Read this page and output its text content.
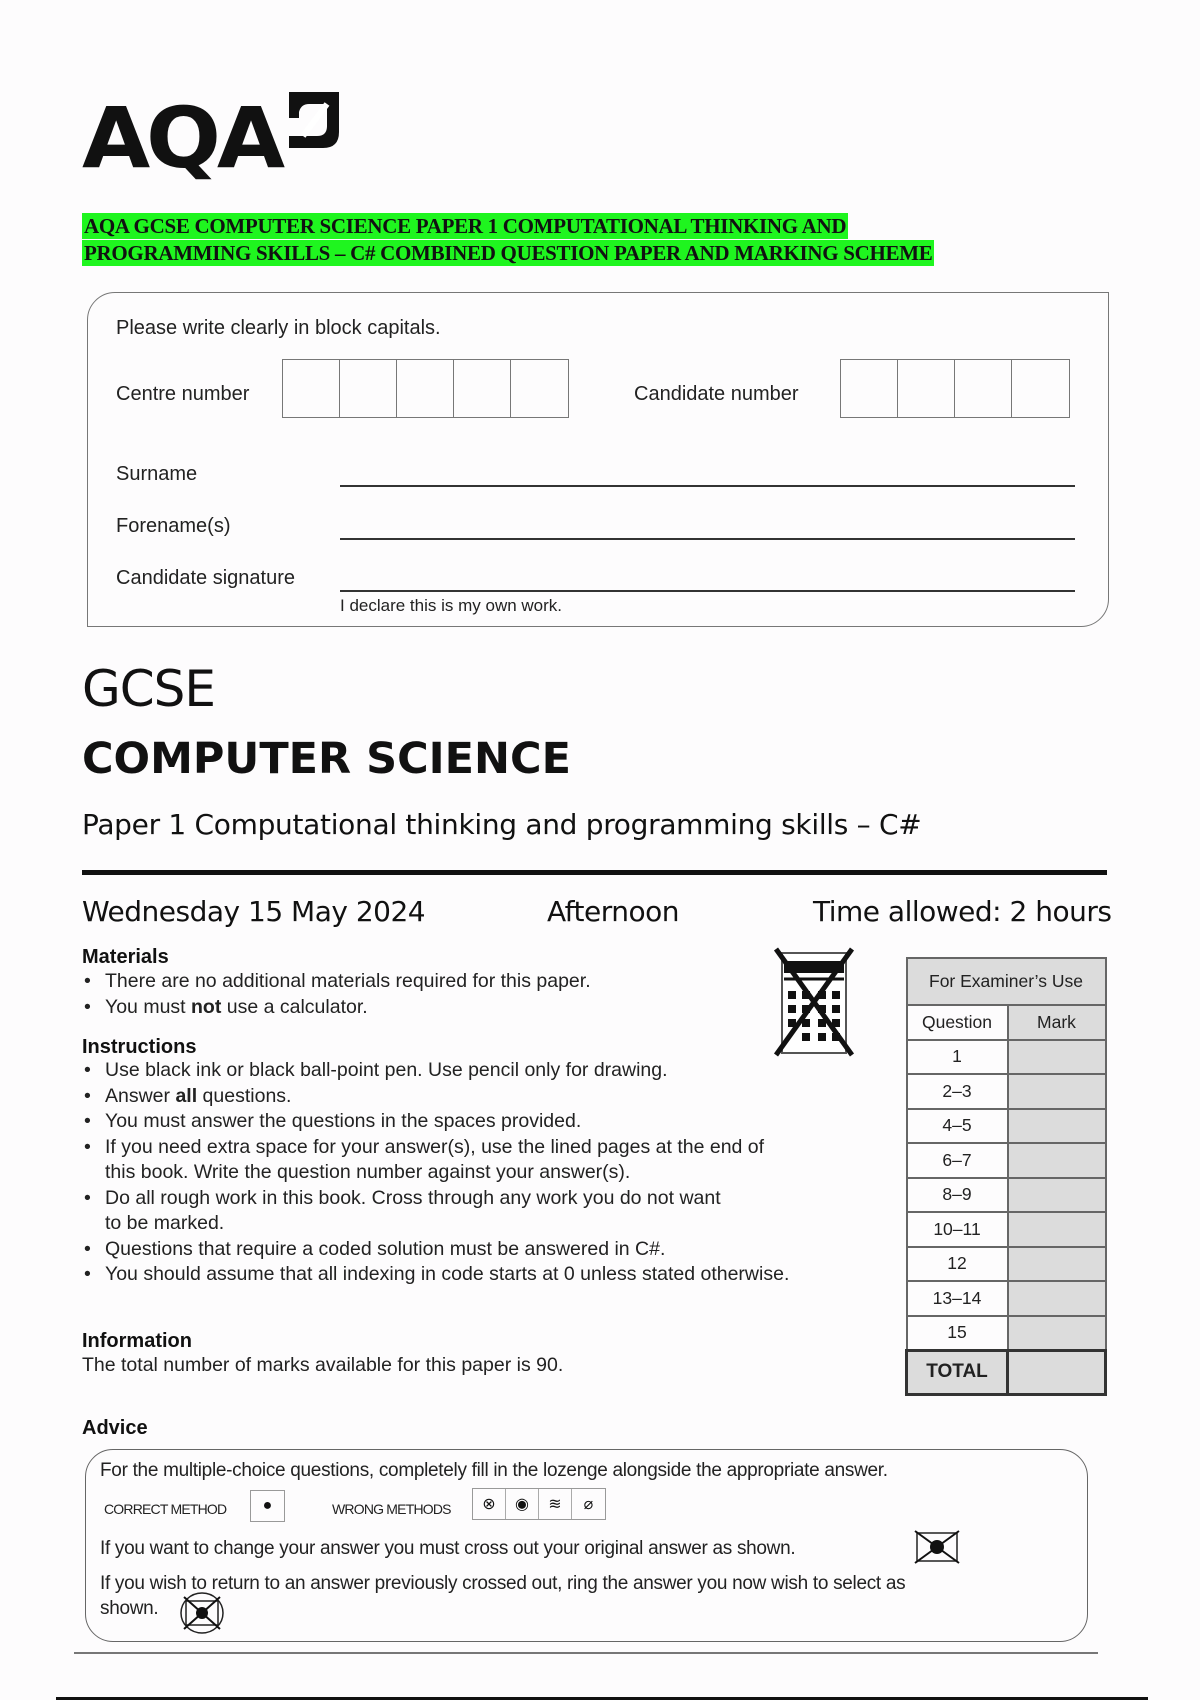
AQA
AQA GCSE COMPUTER SCIENCE PAPER 1 COMPUTATIONAL THINKING AND
PROGRAMMING SKILLS – C# COMBINED QUESTION PAPER AND MARKING SCHEME
Please write clearly in block capitals.
Centre number	Candidate number
Surname
Forename(s)
Candidate signature
I declare this is my own work.
GCSE
COMPUTER SCIENCE
Paper 1 Computational thinking and programming skills – C#
Wednesday 15 May 2024	Afternoon	Time allowed: 2 hours
Materials
• There are no additional materials required for this paper.
• You must not use a calculator.
Instructions
• Use black ink or black ball-point pen. Use pencil only for drawing.
• Answer all questions.
• You must answer the questions in the spaces provided.
• If you need extra space for your answer(s), use the lined pages at the end of
this book. Write the question number against your answer(s).
• Do all rough work in this book. Cross through any work you do not want
to be marked.
• Questions that require a coded solution must be answered in C#.
• You should assume that all indexing in code starts at 0 unless stated otherwise.
Information
The total number of marks available for this paper is 90.
For Examiner’s Use	
Question	Mark
1	
2–3	
4–5	
6–7	
8–9	
10–11	
12	
13–14	
15	
TOTAL	
Advice
For the multiple-choice questions, completely fill in the lozenge alongside the appropriate answer.
CORRECT METHOD	●	WRONG METHODS	⊗	◉	≋	⌀
If you want to change your answer you must cross out your original answer as shown.
If you wish to return to an answer previously crossed out, ring the answer you now wish to select as
shown.
